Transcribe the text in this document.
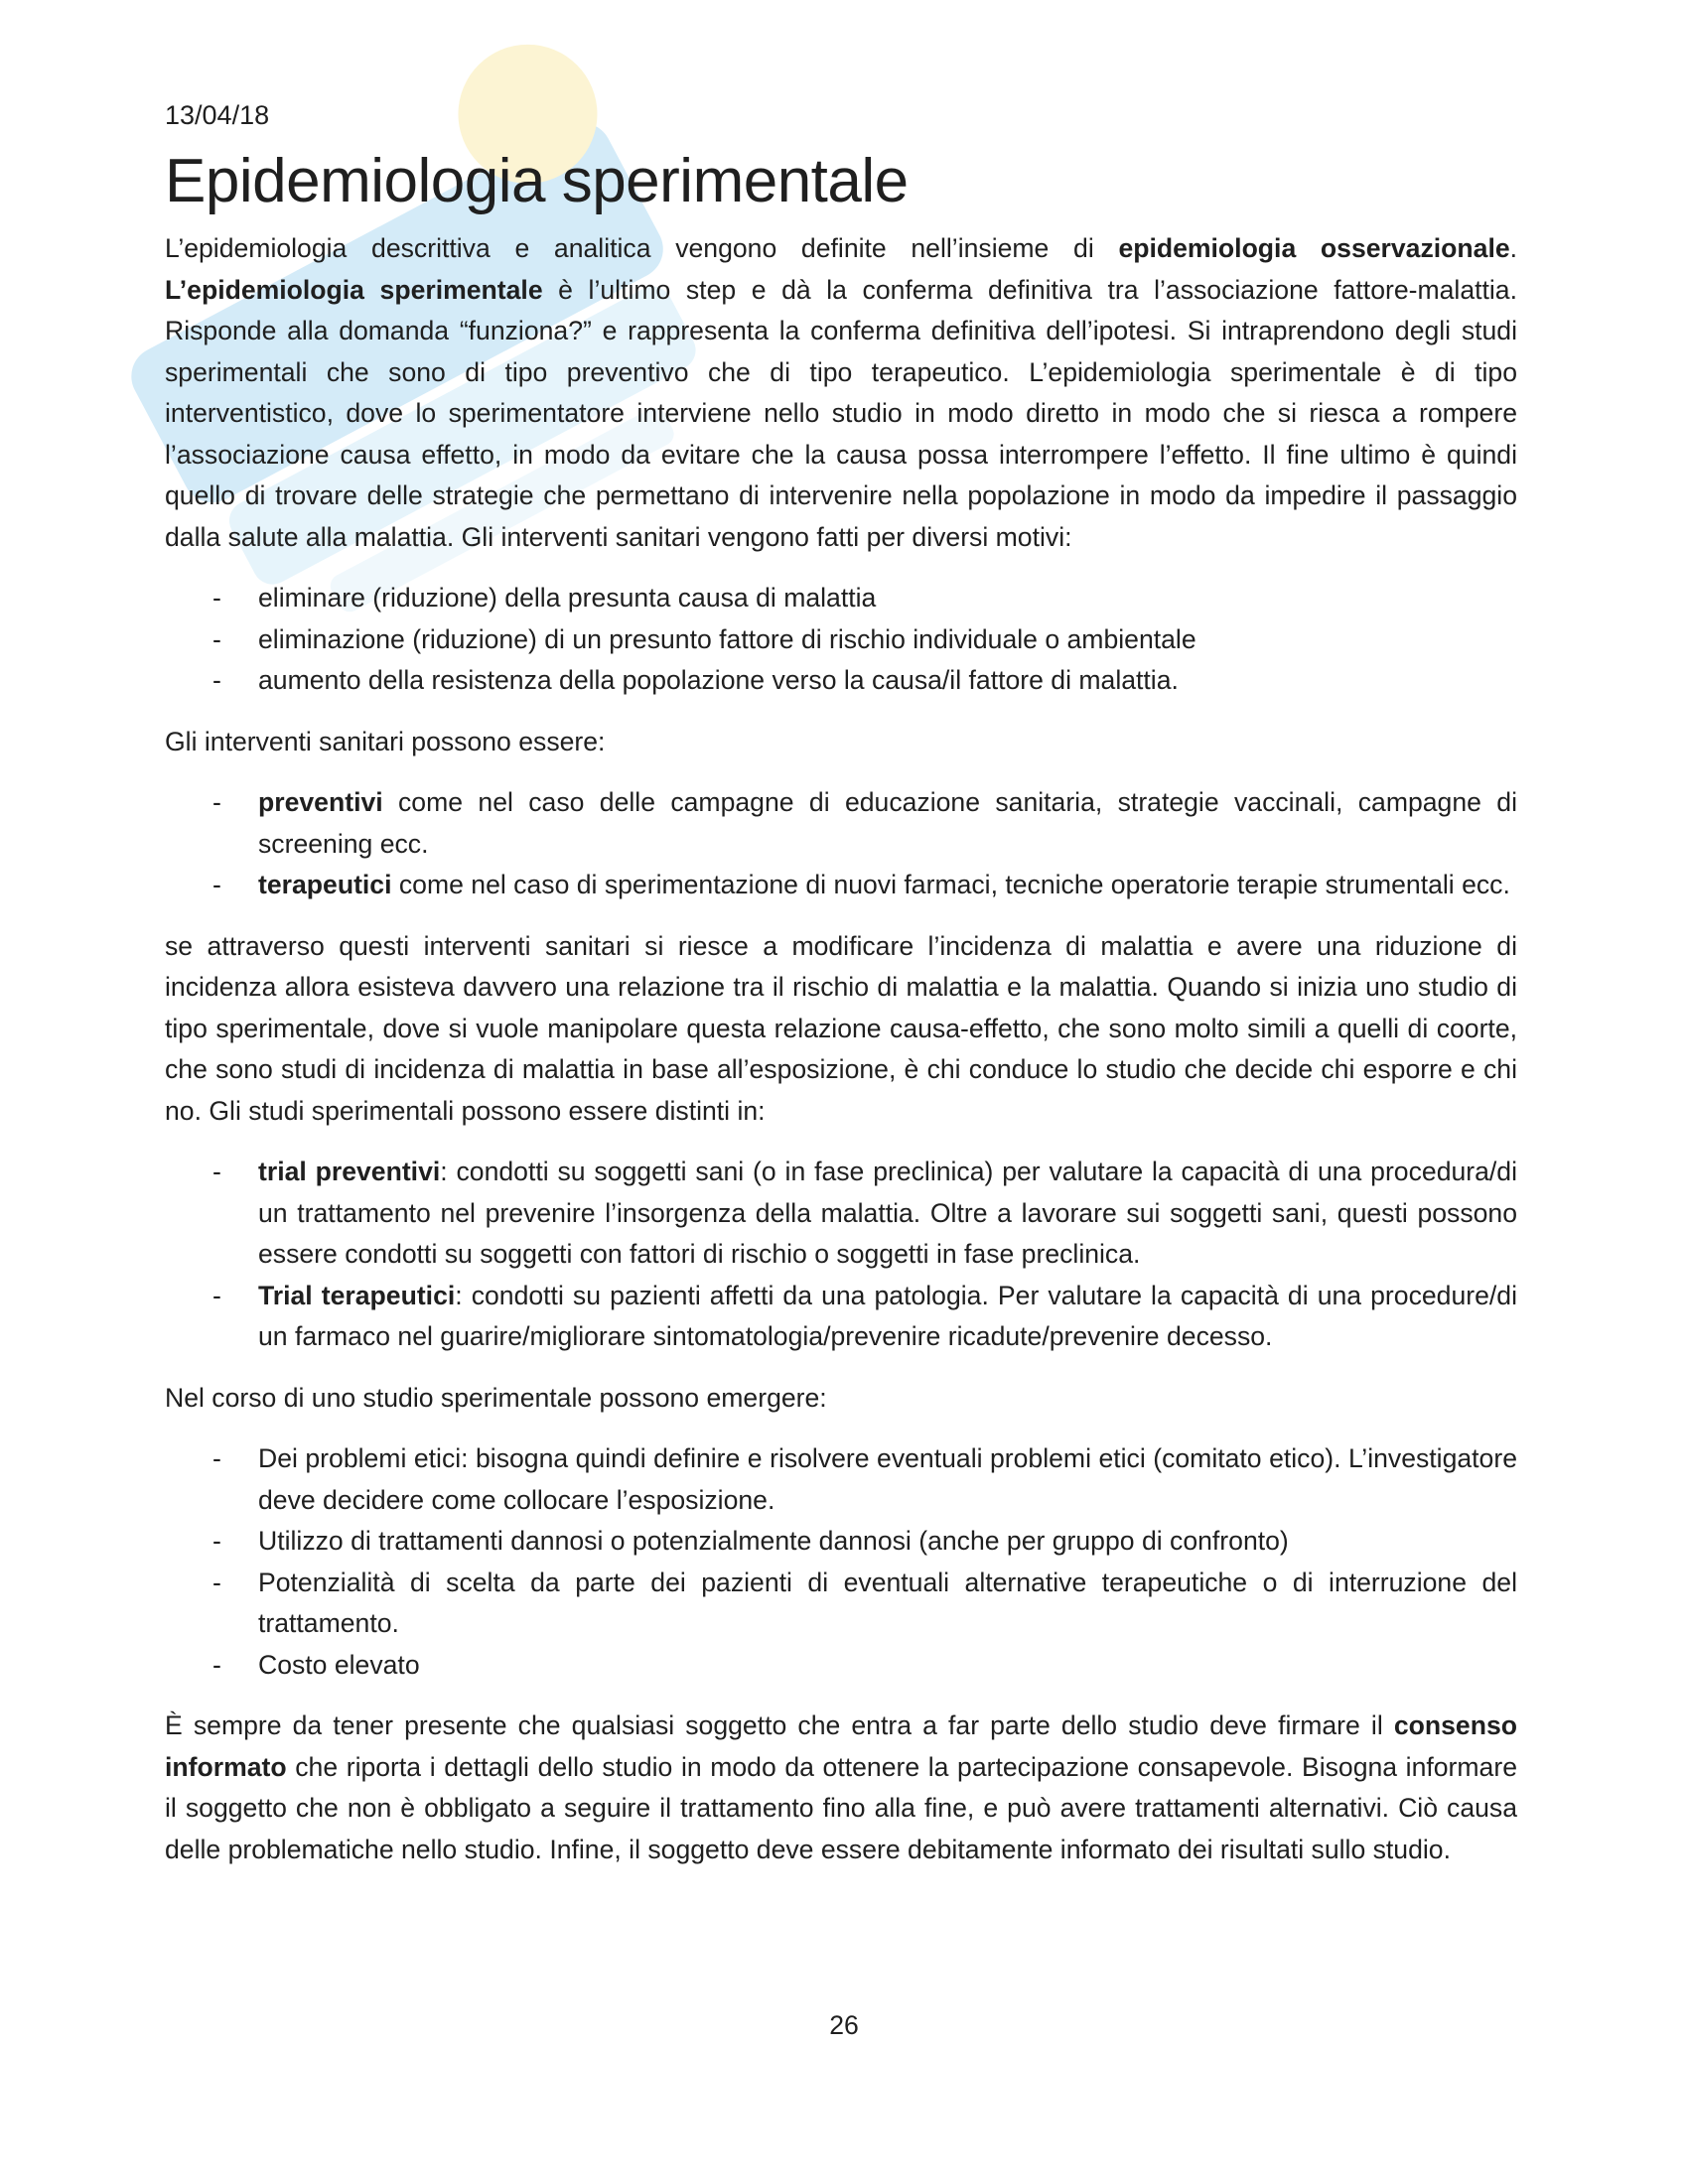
13/04/18
Epidemiologia sperimentale

L’epidemiologia descrittiva e analitica vengono definite nell’insieme di epidemiologia osservazionale. L’epidemiologia sperimentale è l’ultimo step e dà la conferma definitiva tra l’associazione fattore-malattia. Risponde alla domanda “funziona?” e rappresenta la conferma definitiva dell’ipotesi. Si intraprendono degli studi sperimentali che sono di tipo preventivo che di tipo terapeutico. L’epidemiologia sperimentale è di tipo interventistico, dove lo sperimentatore interviene nello studio in modo diretto in modo che si riesca a rompere l’associazione causa effetto, in modo da evitare che la causa possa interrompere l’effetto. Il fine ultimo è quindi quello di trovare delle strategie che permettano di intervenire nella popolazione in modo da impedire il passaggio dalla salute alla malattia. Gli interventi sanitari vengono fatti per diversi motivi:

- eliminare (riduzione) della presunta causa di malattia
- eliminazione (riduzione) di un presunto fattore di rischio individuale o ambientale
- aumento della resistenza della popolazione verso la causa/il fattore di malattia.

Gli interventi sanitari possono essere:

- preventivi come nel caso delle campagne di educazione sanitaria, strategie vaccinali, campagne di screening ecc.
- terapeutici come nel caso di sperimentazione di nuovi farmaci, tecniche operatorie terapie strumentali ecc.

se attraverso questi interventi sanitari si riesce a modificare l’incidenza di malattia e avere una riduzione di incidenza allora esisteva davvero una relazione tra il rischio di malattia e la malattia. Quando si inizia uno studio di tipo sperimentale, dove si vuole manipolare questa relazione causa-effetto, che sono molto simili a quelli di coorte, che sono studi di incidenza di malattia in base all’esposizione, è chi conduce lo studio che decide chi esporre e chi no. Gli studi sperimentali possono essere distinti in:

- trial preventivi: condotti su soggetti sani (o in fase preclinica) per valutare la capacità di una procedura/di un trattamento nel prevenire l’insorgenza della malattia. Oltre a lavorare sui soggetti sani, questi possono essere condotti su soggetti con fattori di rischio o soggetti in fase preclinica.
- Trial terapeutici: condotti su pazienti affetti da una patologia. Per valutare la capacità di una procedure/di un farmaco nel guarire/migliorare sintomatologia/prevenire ricadute/prevenire decesso.

Nel corso di uno studio sperimentale possono emergere:

- Dei problemi etici: bisogna quindi definire e risolvere eventuali problemi etici (comitato etico). L’investigatore deve decidere come collocare l’esposizione.
- Utilizzo di trattamenti dannosi o potenzialmente dannosi (anche per gruppo di confronto)
- Potenzialità di scelta da parte dei pazienti di eventuali alternative terapeutiche o di interruzione del trattamento.
- Costo elevato

È sempre da tener presente che qualsiasi soggetto che entra a far parte dello studio deve firmare il consenso informato che riporta i dettagli dello studio in modo da ottenere la partecipazione consapevole. Bisogna informare il soggetto che non è obbligato a seguire il trattamento fino alla fine, e può avere trattamenti alternativi. Ciò causa delle problematiche nello studio. Infine, il soggetto deve essere debitamente informato dei risultati sullo studio.

26
